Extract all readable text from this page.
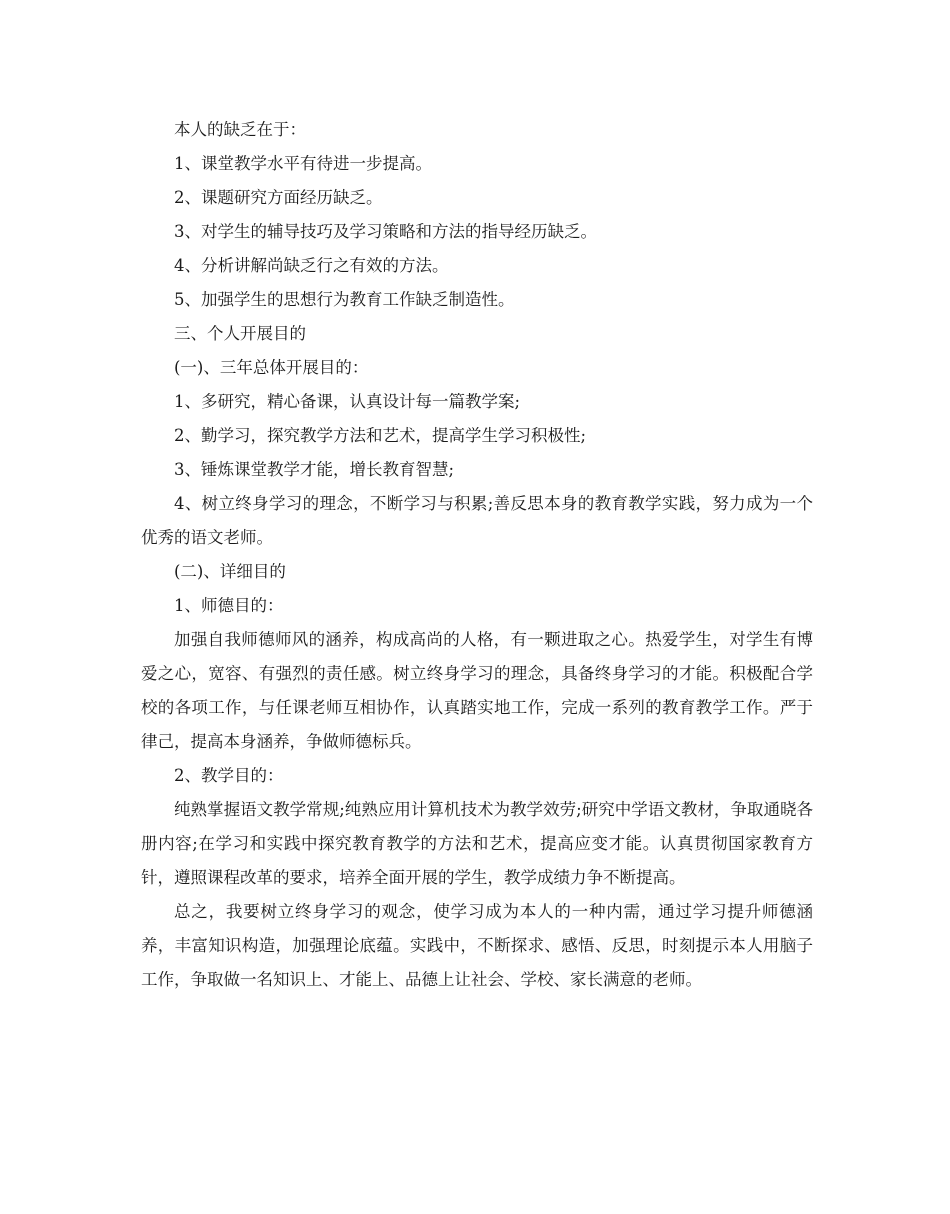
本人的缺乏在于：

1、课堂教学水平有待进一步提高。

2、课题研究方面经历缺乏。

3、对学生的辅导技巧及学习策略和方法的指导经历缺乏。

4、分析讲解尚缺乏行之有效的方法。

5、加强学生的思想行为教育工作缺乏制造性。

三、个人开展目的

(一)、三年总体开展目的：

1、多研究，精心备课，认真设计每一篇教学案;

2、勤学习，探究教学方法和艺术，提高学生学习积极性;

3、锤炼课堂教学才能，增长教育智慧;

4、树立终身学习的理念，不断学习与积累;善反思本身的教育教学实践，努力成为一个优秀的语文老师。

(二)、详细目的

1、师德目的：

加强自我师德师风的涵养，构成高尚的人格，有一颗进取之心。热爱学生，对学生有博爱之心，宽容、有强烈的责任感。树立终身学习的理念，具备终身学习的才能。积极配合学校的各项工作，与任课老师互相协作，认真踏实地工作，完成一系列的教育教学工作。严于律己，提高本身涵养，争做师德标兵。

2、教学目的：

纯熟掌握语文教学常规;纯熟应用计算机技术为教学效劳;研究中学语文教材，争取通晓各册内容;在学习和实践中探究教育教学的方法和艺术，提高应变才能。认真贯彻国家教育方针，遵照课程改革的要求，培养全面开展的学生，教学成绩力争不断提高。

总之，我要树立终身学习的观念，使学习成为本人的一种内需，通过学习提升师德涵养，丰富知识构造，加强理论底蕴。实践中，不断探求、感悟、反思，时刻提示本人用脑子工作，争取做一名知识上、才能上、品德上让社会、学校、家长满意的老师。
